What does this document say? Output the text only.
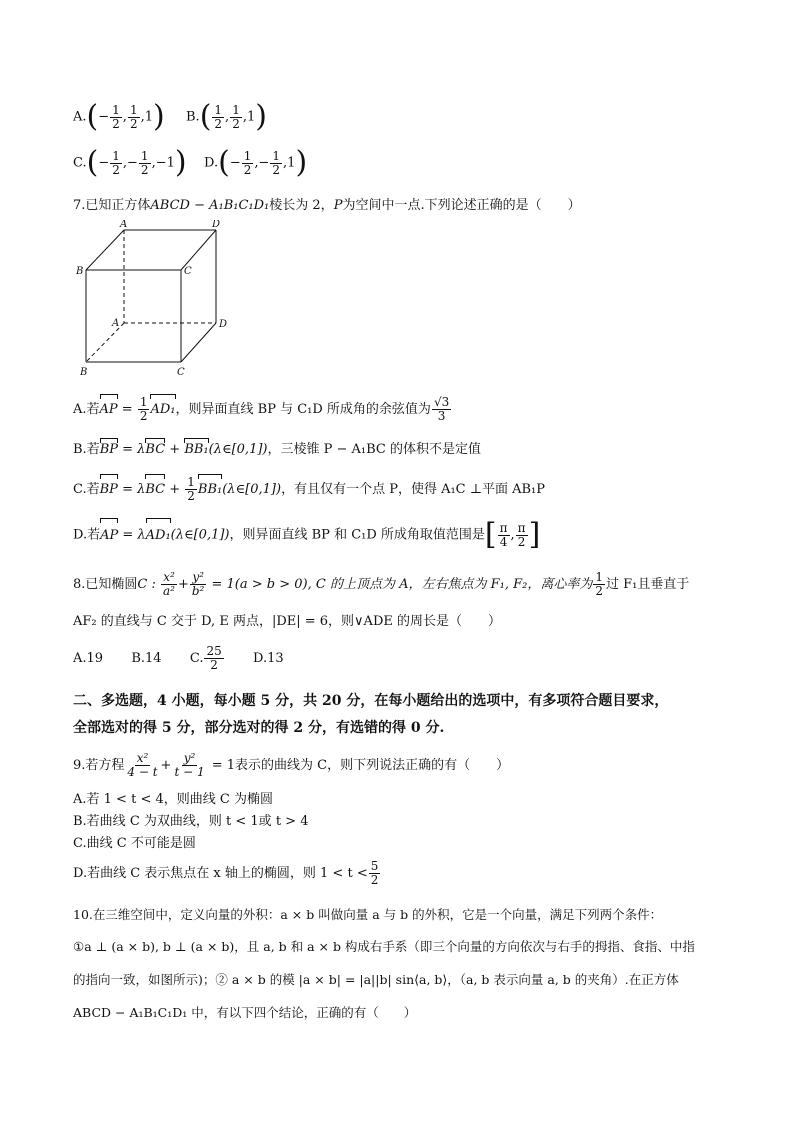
$A.(- \frac{1}{2}$ , $\frac{1}{2} ,1$) $B.( \frac{1}{2}$ , $\frac{1}{2} ,1$)
$C.(- \frac{1}{2}$ ,− $\frac{1}{2} ,-1$) $D.(- \frac{1}{2}$ ,− $\frac{1}{2} ,1$)
7.已知正方体ABCD − A₁B₁C₁D₁棱长为 2，P为空间中一点.下列论述正确的是（　　）
A	D
B	C
A	D
B	C
A.若AP = $\frac{1}{2} AD_1$，则异面直线 BP 与 C₁D 所成角的余弦值为 $\frac{√3}{3}$
B.若BP = λBC + BB₁(λ∈[0,1])，三棱锥 P − A₁BC 的体积不是定值
C.若BP = $\lambda BC + \frac{1}{2}$ BB₁(λ∈[0,1])，有且仅有一个点 P，使得 A₁C ⊥平面 AB₁P
D.若AP = λAD₁(λ∈[0,1])，则异面直线 BP 和 C₁D 所成角取值范围是[ $\frac{\pi}{4}$ , $\frac{\pi}{2}$ ]
8.已知椭圆C : $\frac{\text{x²}}{\text{a²}} + \frac{\text{y²}}{\text{b²}} = 1(a > b > 0)$, C 的上顶点为 A，左右焦点为 F₁, F₂，离心率为 $\frac{1}{2}$ 过 F₁且垂直于
AF₂ 的直线与 C 交于 D, E 两点，|DE| = 6，则∨ADE 的周长是（　　）
A.19 B.14 C. $\frac{25}{2} D.13$
二、多选题，4 小题，每小题 5 分，共 20 分，在每小题给出的选项中，有多项符合题目要求，
全部选对的得 5 分，部分选对的得 2 分，有选错的得 0 分.
9.若方程 $\frac{\text{x²}}{4 - t} + \frac{\text{y²}}{t - 1} = 1$表示的曲线为 C，则下列说法正确的有（　　）
A.若 1 < t < 4，则曲线 C 为椭圆
B.若曲线 C 为双曲线，则 t < 1或 t > 4
C.曲线 C 不可能是圆
D.若曲线 C 表示焦点在 x 轴上的椭圆，则 $1 < t < \frac{5}{2}$
10.在三维空间中，定义向量的外积：a × b 叫做向量 a 与 b 的外积，它是一个向量，满足下列两个条件：
①a ⊥ (a × b), b ⊥ (a × b)，且 a, b 和 a × b 构成右手系（即三个向量的方向依次与右手的拇指、食指、中指
的指向一致，如图所示)；② a × b 的模 |a × b| = |a||b| sin⟨a, b⟩，（a, b 表示向量 a, b 的夹角）.在正方体
ABCD − A₁B₁C₁D₁ 中，有以下四个结论，正确的有（　　）
